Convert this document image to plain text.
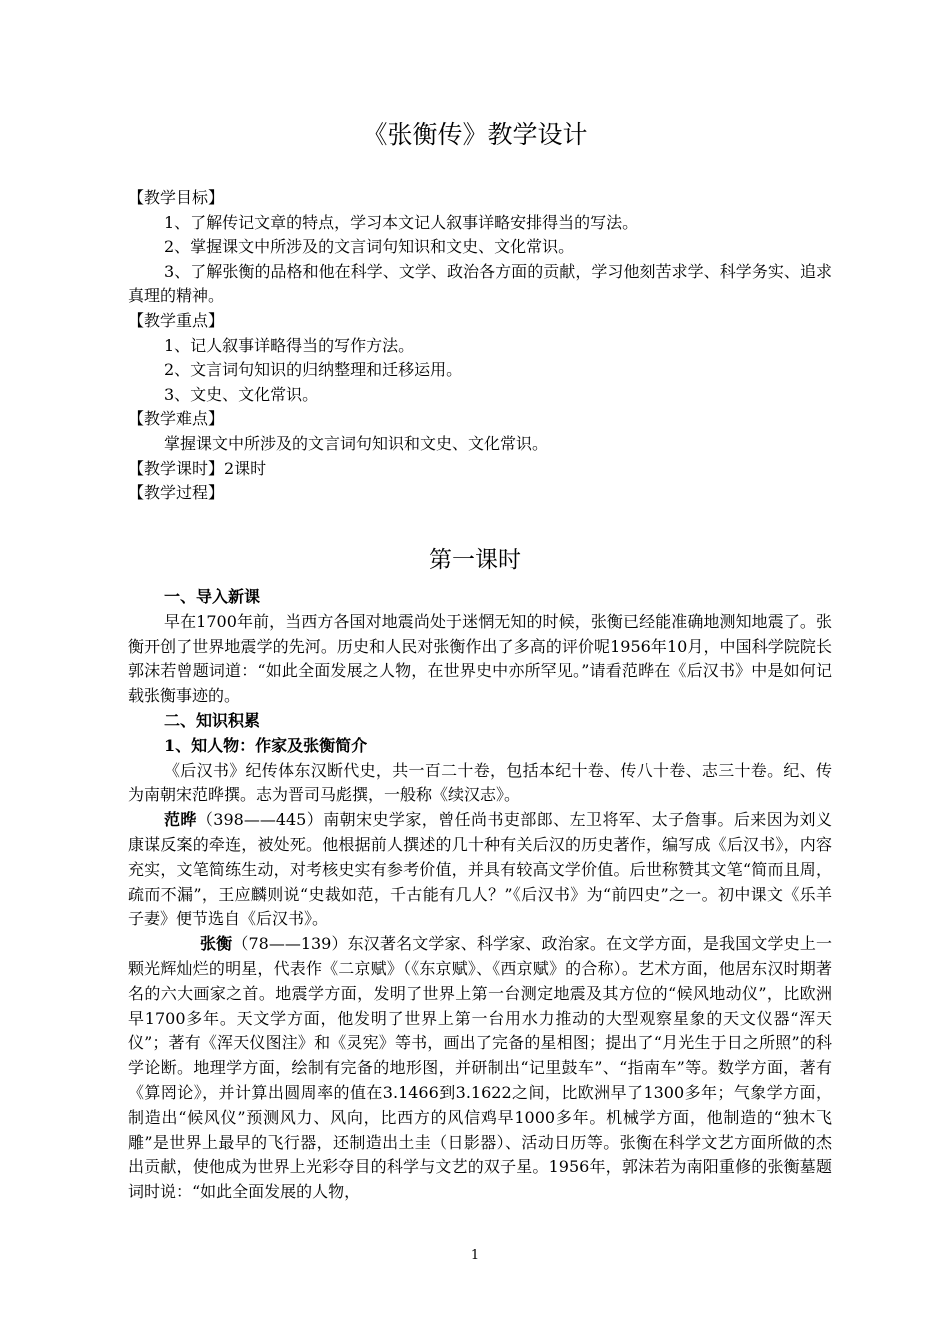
《张衡传》教学设计

【教学目标】

1、了解传记文章的特点，学习本文记人叙事详略安排得当的写法。

2、掌握课文中所涉及的文言词句知识和文史、文化常识。

3、了解张衡的品格和他在科学、文学、政治各方面的贡献，学习他刻苦求学、科学务实、追求真理的精神。

【教学重点】

1、记人叙事详略得当的写作方法。

2、文言词句知识的归纳整理和迁移运用。

3、文史、文化常识。

【教学难点】

掌握课文中所涉及的文言词句知识和文史、文化常识。

【教学课时】2课时

【教学过程】

第一课时

一、导入新课

早在1700年前，当西方各国对地震尚处于迷惘无知的时候，张衡已经能准确地测知地震了。张衡开创了世界地震学的先河。历史和人民对张衡作出了多高的评价呢1956年10月，中国科学院院长郭沫若曾题词道：“如此全面发展之人物，在世界史中亦所罕见。”请看范晔在《后汉书》中是如何记载张衡事迹的。

二、知识积累

1、知人物：作家及张衡简介

《后汉书》纪传体东汉断代史，共一百二十卷，包括本纪十卷、传八十卷、志三十卷。纪、传为南朝宋范晔撰。志为晋司马彪撰，一般称《续汉志》。

范晔（398——445）南朝宋史学家，曾任尚书吏部郎、左卫将军、太子詹事。后来因为刘义康谋反案的牵连，被处死。他根据前人撰述的几十种有关后汉的历史著作，编写成《后汉书》，内容充实，文笔简练生动，对考核史实有参考价值，并具有较高文学价值。后世称赞其文笔“简而且周，疏而不漏”，王应麟则说“史裁如范，千古能有几人？”《后汉书》为“前四史”之一。初中课文《乐羊子妻》便节选自《后汉书》。

张衡（78——139）东汉著名文学家、科学家、政治家。在文学方面，是我国文学史上一颗光辉灿烂的明星，代表作《二京赋》（《东京赋》、《西京赋》的合称）。艺术方面，他居东汉时期著名的六大画家之首。地震学方面，发明了世界上第一台测定地震及其方位的“候风地动仪”，比欧洲早1700多年。天文学方面，他发明了世界上第一台用水力推动的大型观察星象的天文仪器“浑天仪”；著有《浑天仪图注》和《灵宪》等书，画出了完备的星相图；提出了“月光生于日之所照”的科学论断。地理学方面，绘制有完备的地形图，并研制出“记里鼓车”、“指南车”等。数学方面，著有《算罔论》，并计算出圆周率的值在3.1466到3.1622之间，比欧洲早了1300多年；气象学方面，制造出“候风仪”预测风力、风向，比西方的风信鸡早1000多年。机械学方面，他制造的“独木飞雕”是世界上最早的飞行器，还制造出土圭（日影器）、活动日历等。张衡在科学文艺方面所做的杰出贡献，使他成为世界上光彩夺目的科学与文艺的双子星。1956年，郭沫若为南阳重修的张衡墓题词时说：“如此全面发展的人物，

1
